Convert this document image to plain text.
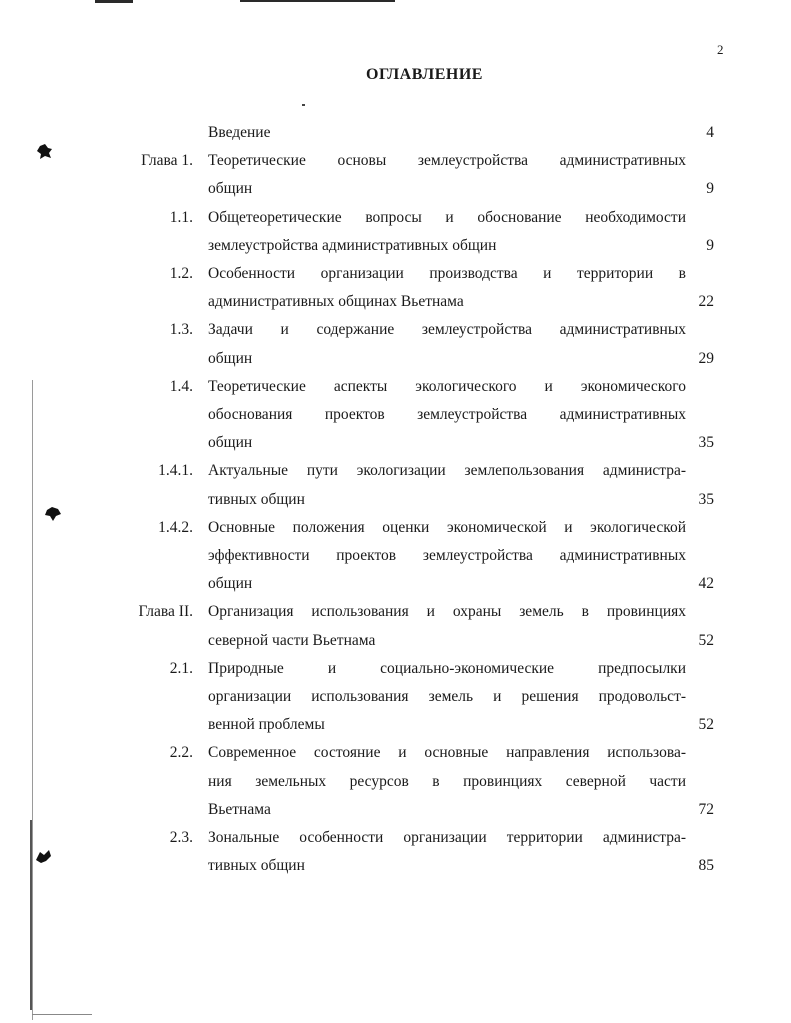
2
ОГЛАВЛЕНИЕ
Введение	4
Глава 1. Теоретические основы землеустройства административных
общин	9
1.1. Общетеоретические вопросы и обоснование необходимости
землеустройства административных общин	9
1.2. Особенности организации производства и территории в
административных общинах Вьетнама	22
1.3. Задачи и содержание землеустройства административных
общин	29
1.4. Теоретические аспекты экологического и экономического
обоснования проектов землеустройства административных
общин	35
1.4.1. Актуальные пути экологизации землепользования администра-
тивных общин	35
1.4.2. Основные положения оценки экономической и экологической
эффективности проектов землеустройства административных
общин	42
Глава II. Организация использования и охраны земель в провинциях
северной части Вьетнама	52
2.1. Природные и социально-экономические предпосылки
организации использования земель и решения продовольст-
венной проблемы	52
2.2. Современное состояние и основные направления использова-
ния земельных ресурсов в провинциях северной части
Вьетнама	72
2.3. Зональные особенности организации территории администра-
тивных общин	85
